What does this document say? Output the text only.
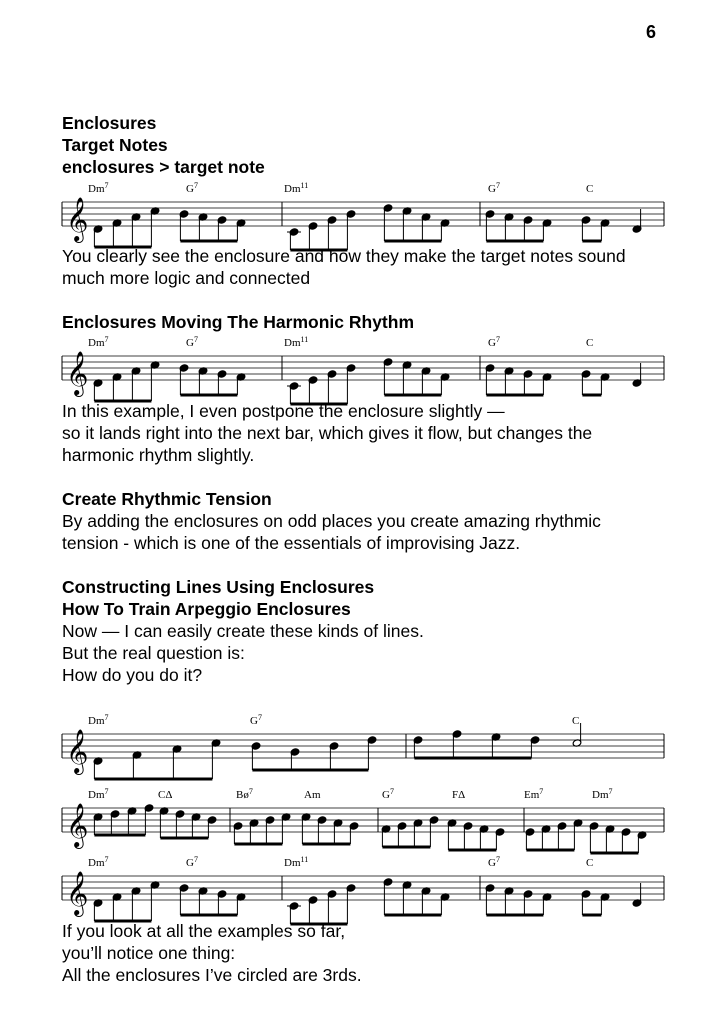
6
Enclosures
Target Notes
enclosures > target note
𝄞
Dm$^7$	$G^7$	Dm$^{11}$	$G^7$	C
You clearly see the enclosure and how they make the target notes sound
much more logic and connected
Enclosures Moving The Harmonic Rhythm
𝄞
Dm$^7$	$G^7$	Dm$^{11}$	$G^7$	C
In this example, I even postpone the enclosure slightly —
so it lands right into the next bar, which gives it flow, but changes the
harmonic rhythm slightly.
Create Rhythmic Tension
By adding the enclosures on odd places you create amazing rhythmic
tension - which is one of the essentials of improvising Jazz.
Constructing Lines Using Enclosures
How To Train Arpeggio Enclosures
Now — I can easily create these kinds of lines.
But the real question is:
How do you do it?
𝄞
Dm$^7$	$G^7$	C
𝄞
Dm$^7$	CΔ	$Bø^7$	Am	$G^7$	FΔ	Em$^7$	Dm$^7$
𝄞
Dm$^7$	$G^7$	Dm$^{11}$	$G^7$	C
If you look at all the examples so far,
you’ll notice one thing:
All the enclosures I’ve circled are 3rds.
